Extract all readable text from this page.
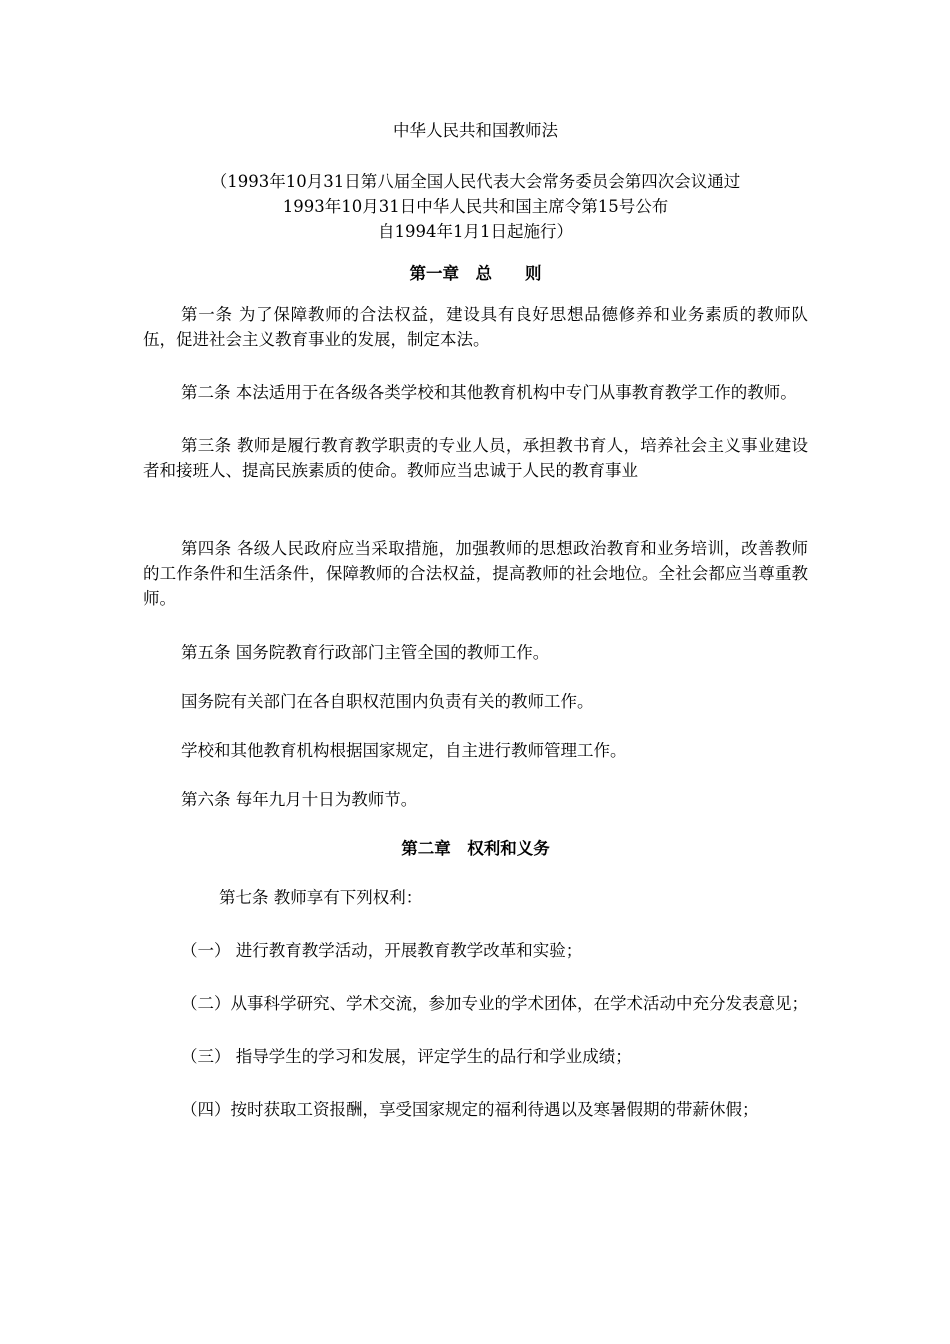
中华人民共和国教师法

（1993年10月31日第八届全国人民代表大会常务委员会第四次会议通过

1993年10月31日中华人民共和国主席令第15号公布

自1994年1月1日起施行）

第一章　总　　则

第一条 为了保障教师的合法权益，建设具有良好思想品德修养和业务素质的教师队伍，促进社会主义教育事业的发展，制定本法。

第二条 本法适用于在各级各类学校和其他教育机构中专门从事教育教学工作的教师。

第三条 教师是履行教育教学职责的专业人员，承担教书育人，培养社会主义事业建设者和接班人、提高民族素质的使命。教师应当忠诚于人民的教育事业

第四条 各级人民政府应当采取措施，加强教师的思想政治教育和业务培训，改善教师的工作条件和生活条件，保障教师的合法权益，提高教师的社会地位。全社会都应当尊重教师。

第五条 国务院教育行政部门主管全国的教师工作。

国务院有关部门在各自职权范围内负责有关的教师工作。

学校和其他教育机构根据国家规定，自主进行教师管理工作。

第六条 每年九月十日为教师节。

第二章　权利和义务

第七条 教师享有下列权利：

（一） 进行教育教学活动，开展教育教学改革和实验；

（二）从事科学研究、学术交流，参加专业的学术团体，在学术活动中充分发表意见；

（三） 指导学生的学习和发展，评定学生的品行和学业成绩；

（四）按时获取工资报酬，享受国家规定的福利待遇以及寒暑假期的带薪休假；
